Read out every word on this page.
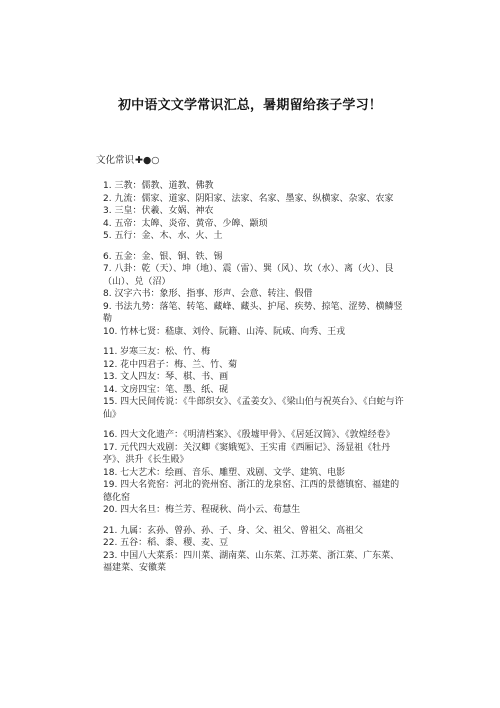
初中语文文学常识汇总，暑期留给孩子学习！
文化常识✚●○
1. 三教：儒教、道教、佛教
2. 九流：儒家、道家、阴阳家、法家、名家、墨家、纵横家、杂家、农家
3. 三皇：伏羲、女娲、神农
4. 五帝：太皞、炎帝、黄帝、少皞、颛顼
5. 五行：金、木、水、火、土
6. 五金：金、银、铜、铁、锡
7. 八卦：乾（天）、坤（地）、震（雷）、巽（风）、坎（水）、离（火）、艮（山）、兑（沼）
8. 汉字六书：象形、指事、形声、会意、转注、假借
9. 书法九势：落笔、转笔、藏峰、藏头、护尾、疾势、掠笔、涩势、横鳞竖勒
10. 竹林七贤：嵇康、刘伶、阮籍、山涛、阮咸、向秀、王戎
11. 岁寒三友：松、竹、梅
12. 花中四君子：梅、兰、竹、菊
13. 文人四友：琴、棋、书、画
14. 文房四宝：笔、墨、纸、砚
15. 四大民间传说：《牛郎织女》、《孟姜女》、《梁山伯与祝英台》、《白蛇与许仙》
16. 四大文化遗产：《明清档案》、《殷墟甲骨》、《居延汉简》、《敦煌经卷》
17. 元代四大戏剧：关汉卿《窦娥冤》、王实甫《西厢记》、汤显祖《牡丹亭》、洪升《长生殿》
18. 七大艺术：绘画、音乐、雕塑、戏剧、文学、建筑、电影
19. 四大名瓷窑：河北的瓷州窑、浙江的龙泉窑、江西的景德镇窑、福建的德化窑
20. 四大名旦：梅兰芳、程砚秋、尚小云、荀慧生
21. 九属：玄孙、曾孙、孙、子、身、父、祖父、曾祖父、高祖父
22. 五谷：稻、黍、稷、麦、豆
23. 中国八大菜系：四川菜、湖南菜、山东菜、江苏菜、浙江菜、广东菜、福建菜、安徽菜
